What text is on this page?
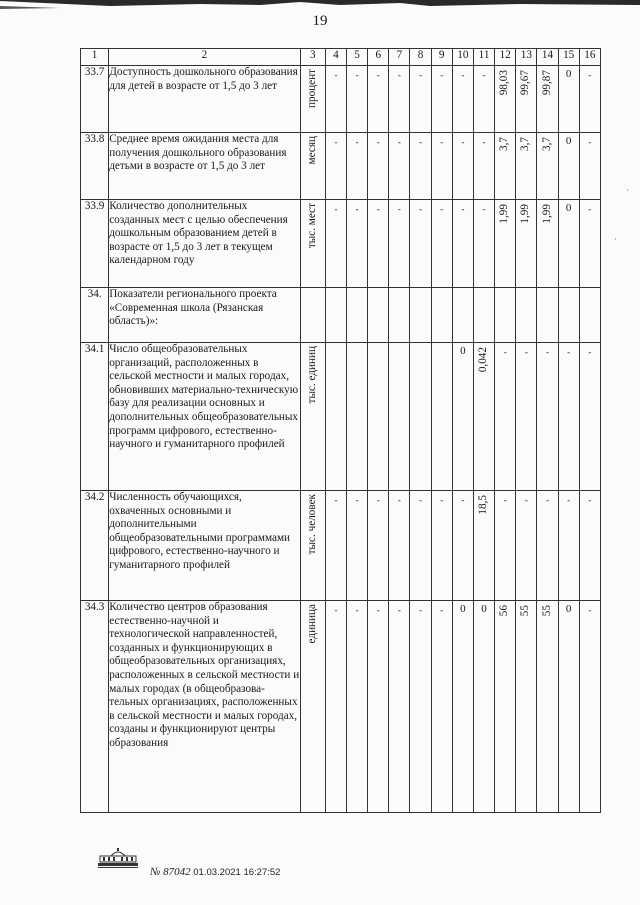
19
1	2	3	4	5	6	7	8	9	10	11	12	13	14	15	16
33.7	Доступность дошкольного образования для детей в возрасте от 1,5 до 3 лет	процент	-	-	-	-	-	-	-	-	98,03	99,67	99,87	0	-

33.8	Среднее время ожидания места для получения дошкольного образования детьми в возрасте от 1,5 до 3 лет	месяц	-	-	-	-	-	-	-	-	3,7	3,7	3,7	0	-

33.9	Количество дополнительных созданных мест с целью обеспечения дошкольным образованием детей в возрасте от 1,5 до 3 лет в текущем календарном году	тыс. мест	-	-	-	-	-	-	-	-	1,99	1,99	1,99	0	-

34.	Показатели регионального проекта «Современная школа (Рязанская область)»:	

34.1	Число общеобразовательных организаций, расположенных в сельской местности и малых городах, обновивших материально-техническую базу для реализации основных и дополнительных общеобразовательных программ цифрового, естественно-научного и гуманитарного профилей	тыс. единиц							0	0,042	-	-	-	-	-

34.2	Численность обучающихся, охваченных основными и дополнительными общеобразовательными программами цифрового, естественно-научного и гуманитарного профилей	тыс. человек	-	-	-	-	-	-	-	18,5	-	-	-	-	-

34.3	Количество центров образования естественно-научной и технологической направленностей, созданных и функционирующих в общеобразовательных организациях, расположенных в сельской местности и малых городах (в общеобразова-тельных организациях, расположенных в сельской местности и малых городах, созданы и функционируют центры образования	единица	-	-	-	-	-	-	0	0	56	55	55	0	-
№ 87042 01.03.2021 16:27:52
·
·
